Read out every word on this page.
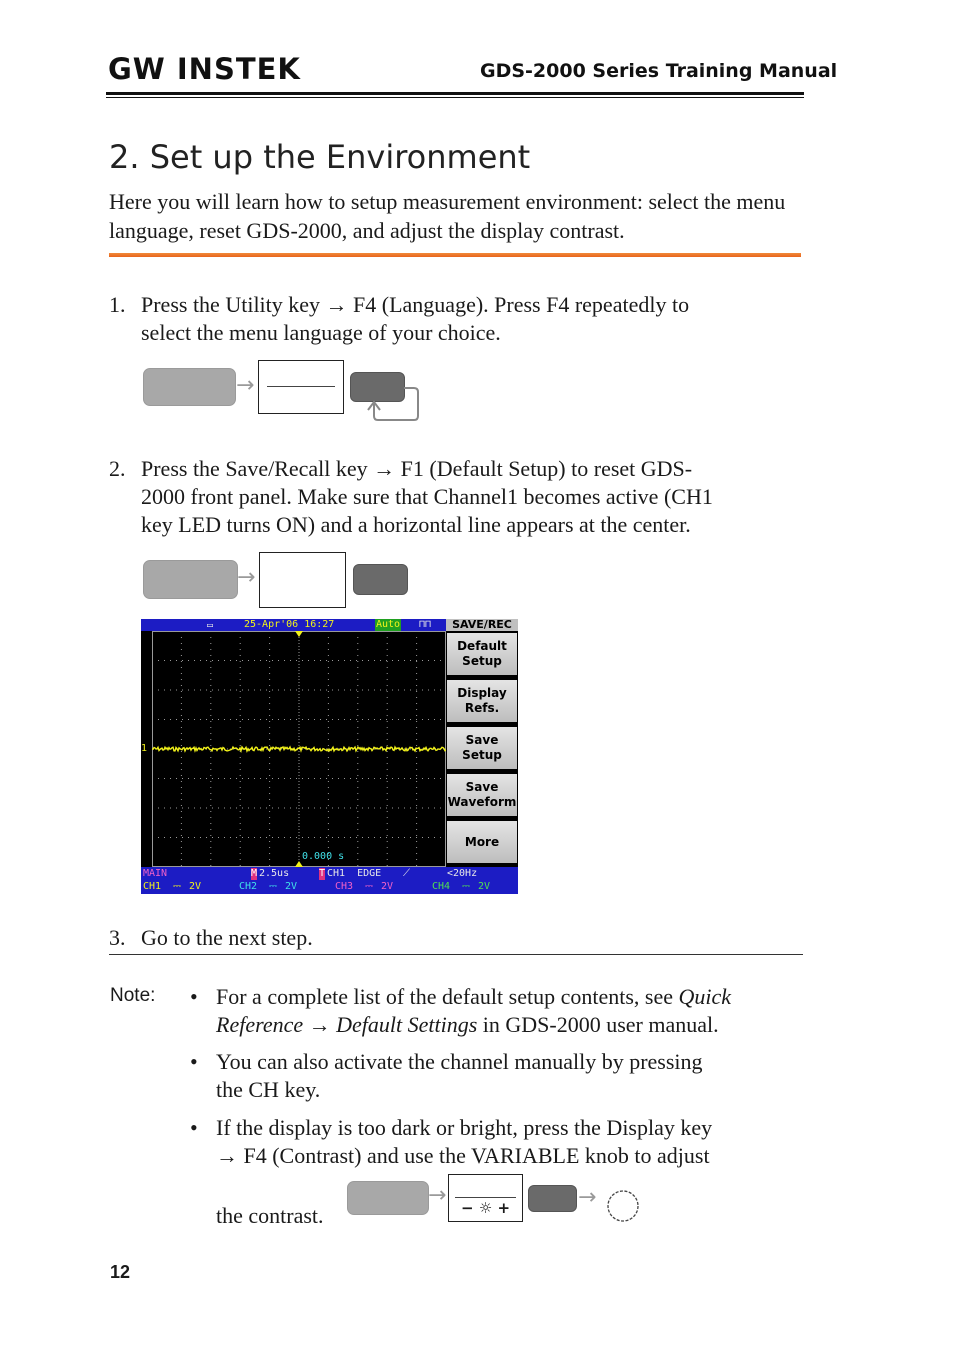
GW INSTEK	GDS-2000 Series Training Manual
2. Set up the Environment
Here you will learn how to setup measurement environment: select the menu language, reset GDS-2000, and adjust the display contrast.
1. Press the Utility key → F4 (Language). Press F4 repeatedly to
select the menu language of your choice.
→
2. Press the Save/Recall key → F1 (Default Setup) to reset GDS-
2000 front panel. Make sure that Channel1 becomes active (CH1
key LED turns ON) and a horizontal line appears at the center.
→
▭	25-Apr'06 16:27	Auto ⊓⊓
1
0.000 s
SAVE/REC
Default
Setup
Display
Refs.
Save
Setup
Save
Waveform
More
MAIN	M 2.5us	T CH1  EDGE ⟋	<20Hz
CH1 ⎓ 2V	CH2 ⎓ 2V	CH3 ⎓ 2V	CH4 ⎓ 2V
3. Go to the next step.
Note: • For a complete list of the default setup contents, see Quick
Reference → Default Settings in GDS-2000 user manual.
• You can also activate the channel manually by pressing
the CH key.
• If the display is too dark or bright, press the Display key
→ F4 (Contrast) and use the VARIABLE knob to adjust
the contrast.
→ − ☼ +	→
12
